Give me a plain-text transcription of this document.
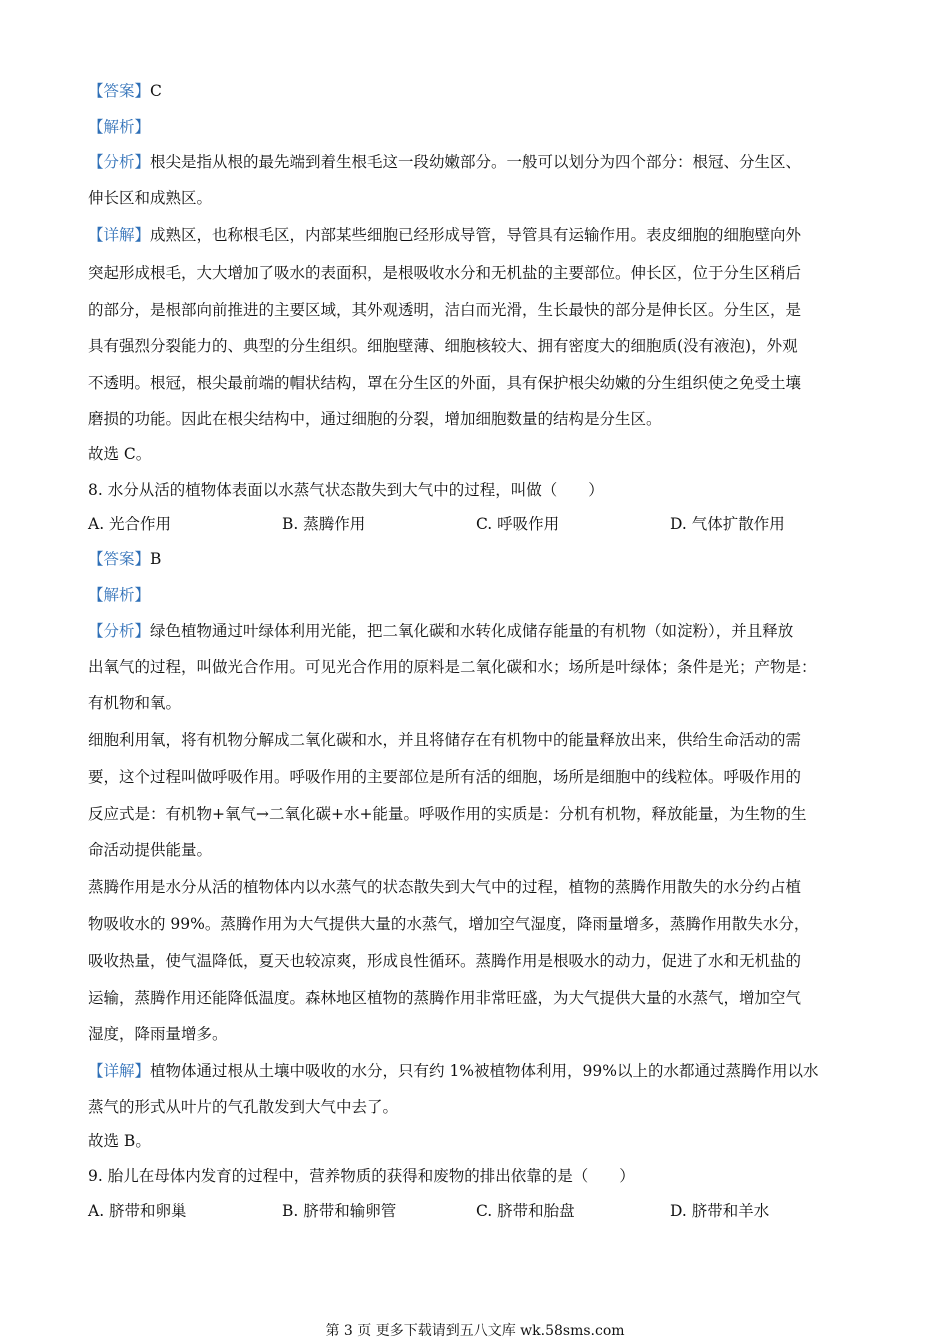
【答案】C
【解析】
【分析】根尖是指从根的最先端到着生根毛这一段幼嫩部分。一般可以划分为四个部分：根冠、分生区、
伸长区和成熟区。
【详解】成熟区，也称根毛区，内部某些细胞已经形成导管，导管具有运输作用。表皮细胞的细胞壁向外
突起形成根毛，大大增加了吸水的表面积，是根吸收水分和无机盐的主要部位。伸长区，位于分生区稍后
的部分，是根部向前推进的主要区域，其外观透明，洁白而光滑，生长最快的部分是伸长区。分生区，是
具有强烈分裂能力的、典型的分生组织。细胞壁薄、细胞核较大、拥有密度大的细胞质(没有液泡)，外观
不透明。根冠，根尖最前端的帽状结构，罩在分生区的外面，具有保护根尖幼嫩的分生组织使之免受土壤
磨损的功能。因此在根尖结构中，通过细胞的分裂，增加细胞数量的结构是分生区。
故选 C。
8. 水分从活的植物体表面以水蒸气状态散失到大气中的过程，叫做（　　）
A. 光合作用	B. 蒸腾作用	C. 呼吸作用	D. 气体扩散作用
【答案】B
【解析】
【分析】绿色植物通过叶绿体利用光能，把二氧化碳和水转化成储存能量的有机物（如淀粉），并且释放
出氧气的过程，叫做光合作用。可见光合作用的原料是二氧化碳和水；场所是叶绿体；条件是光；产物是：
有机物和氧。
细胞利用氧，将有机物分解成二氧化碳和水，并且将储存在有机物中的能量释放出来，供给生命活动的需
要，这个过程叫做呼吸作用。呼吸作用的主要部位是所有活的细胞，场所是细胞中的线粒体。呼吸作用的
反应式是：有机物+氧气→二氧化碳+水+能量。呼吸作用的实质是：分机有机物，释放能量，为生物的生
命活动提供能量。
蒸腾作用是水分从活的植物体内以水蒸气的状态散失到大气中的过程，植物的蒸腾作用散失的水分约占植
物吸收水的 99%。蒸腾作用为大气提供大量的水蒸气，增加空气湿度，降雨量增多，蒸腾作用散失水分，
吸收热量，使气温降低，夏天也较凉爽，形成良性循环。蒸腾作用是根吸水的动力，促进了水和无机盐的
运输，蒸腾作用还能降低温度。森林地区植物的蒸腾作用非常旺盛，为大气提供大量的水蒸气，增加空气
湿度，降雨量增多。
【详解】植物体通过根从土壤中吸收的水分，只有约 1%被植物体利用，99%以上的水都通过蒸腾作用以水
蒸气的形式从叶片的气孔散发到大气中去了。
故选 B。
9. 胎儿在母体内发育的过程中，营养物质的获得和废物的排出依靠的是（　　）
A. 脐带和卵巢	B. 脐带和输卵管	C. 脐带和胎盘	D. 脐带和羊水
第 3 页 更多下载请到五八文库 wk.58sms.com
